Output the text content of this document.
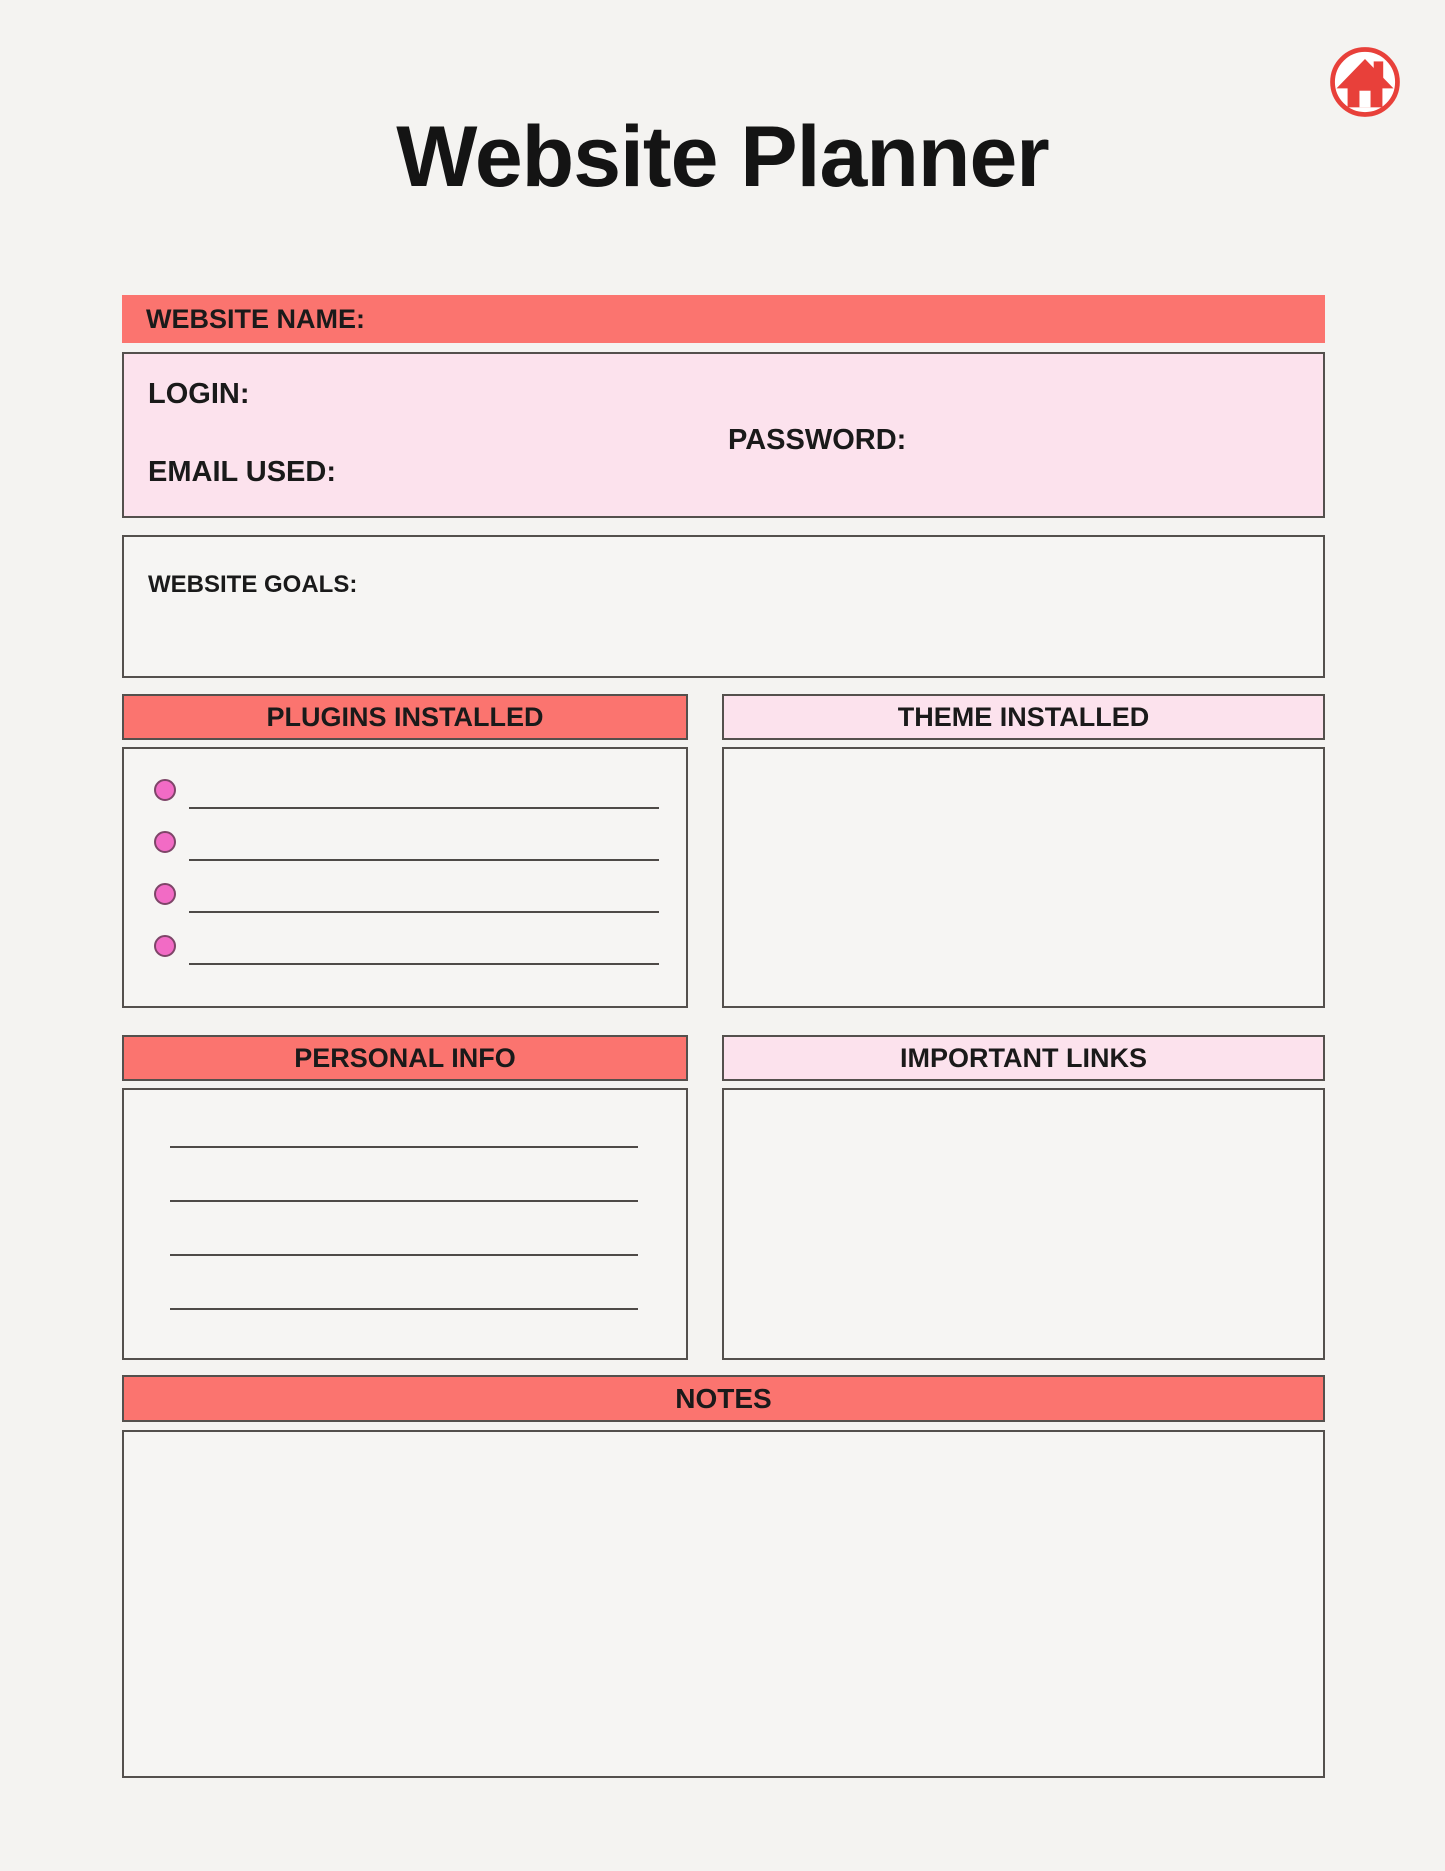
Website Planner
WEBSITE NAME:
LOGIN:
PASSWORD:
EMAIL USED:
WEBSITE GOALS:
PLUGINS INSTALLED	THEME INSTALLED
PERSONAL INFO	IMPORTANT LINKS
NOTES
